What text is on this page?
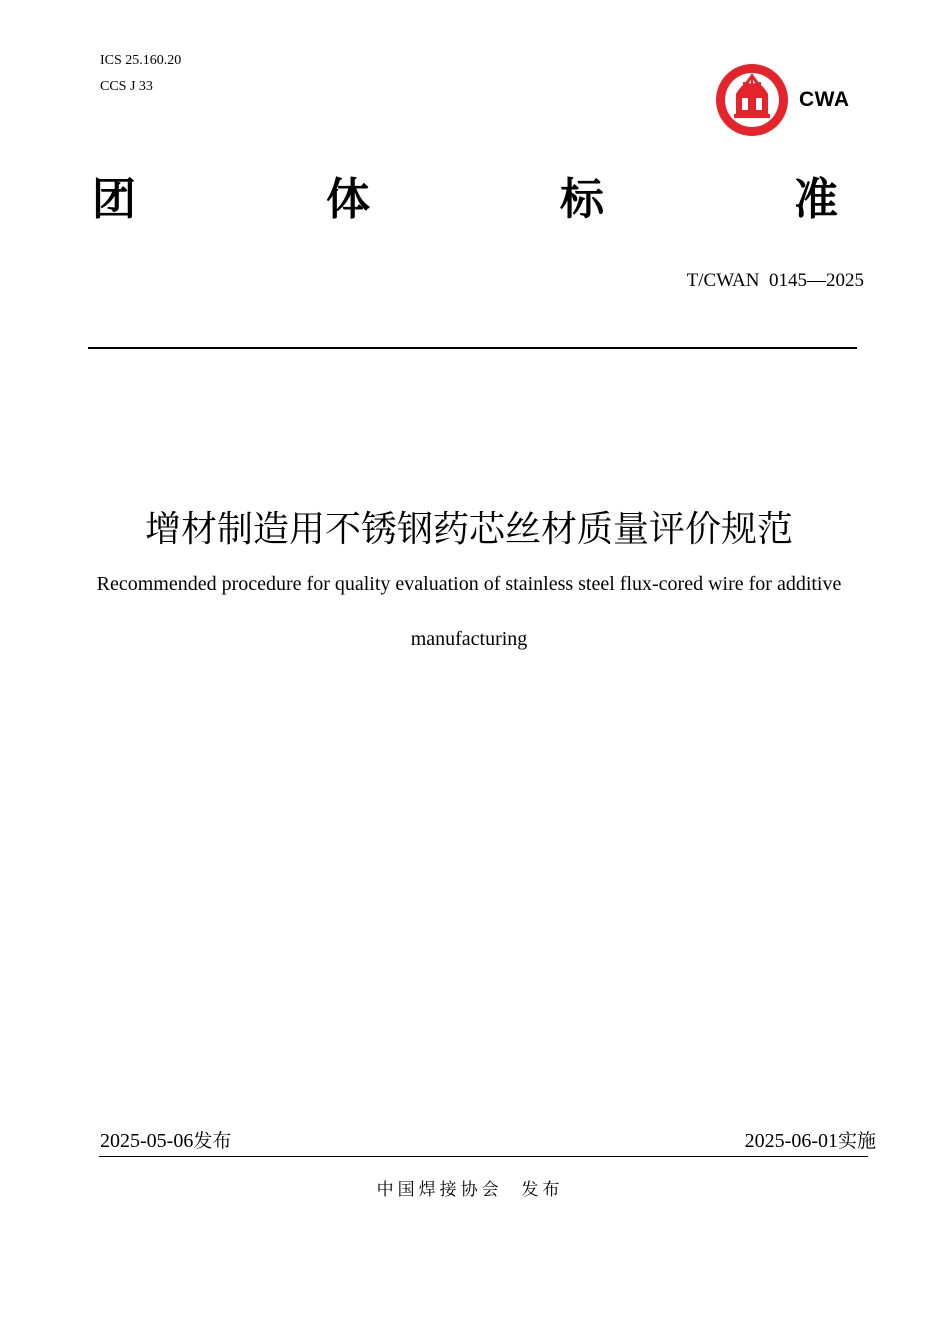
ICS 25.160.20
CCS J 33
CWA
团	体	标	准
T/CWAN  0145—2025
增材制造用不锈钢药芯丝材质量评价规范
Recommended procedure for quality evaluation of stainless steel flux-cored wire for additive
manufacturing
2025-05-06发布	2025-06-01实施
中国焊接协会  发布
